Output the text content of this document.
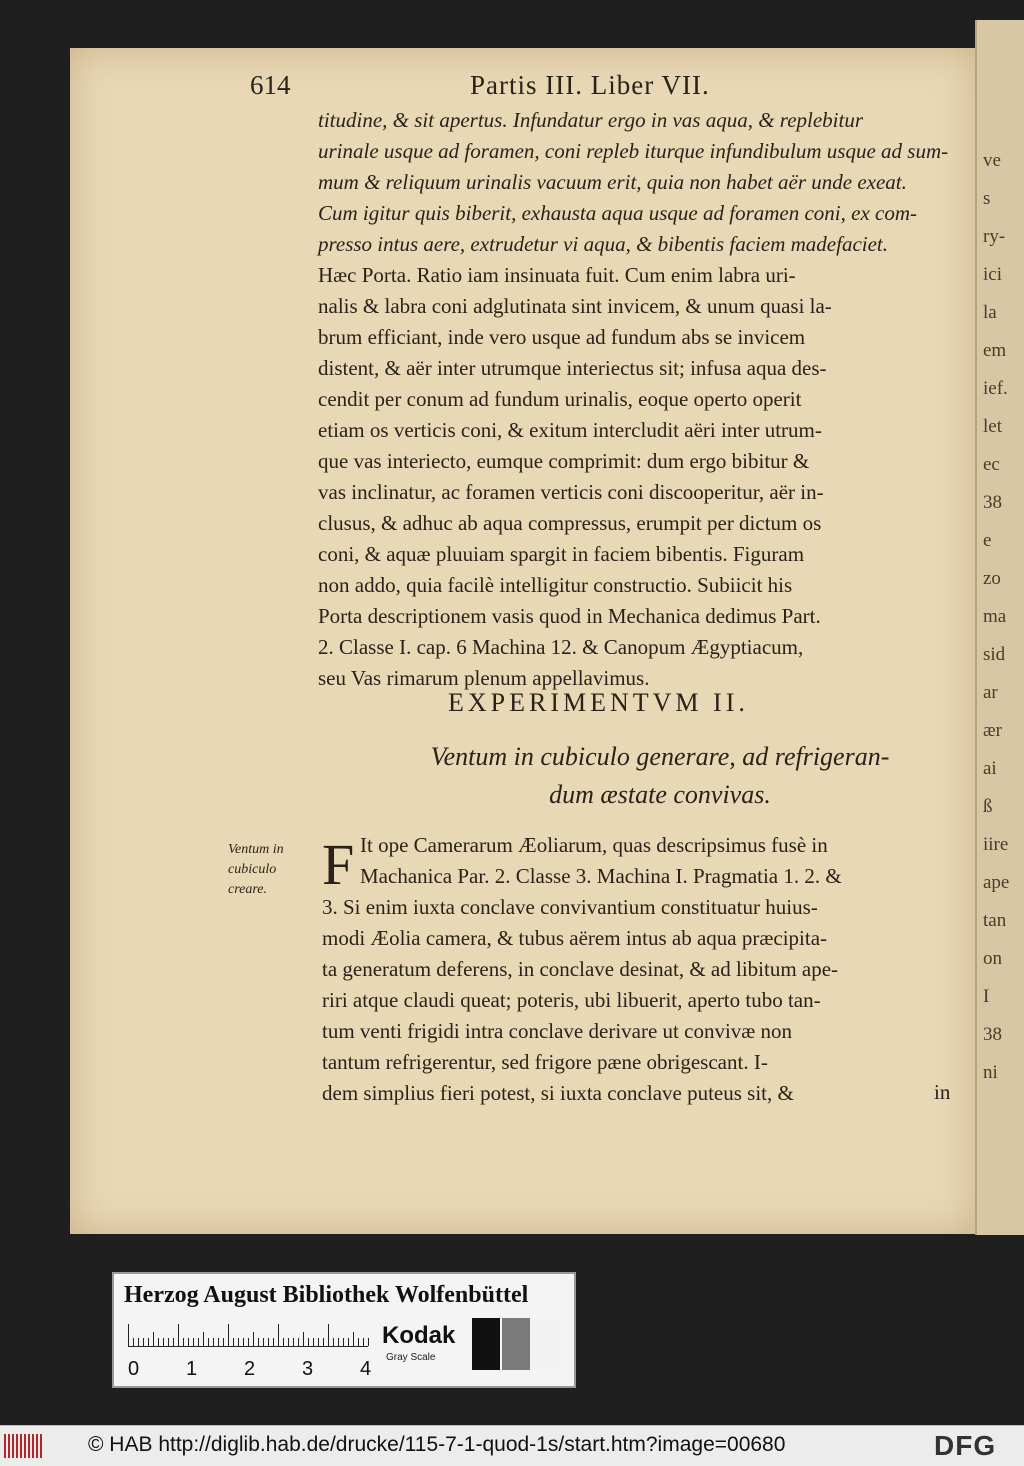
ve
s
ry-
ici
la
em
ief.
let
ec
38
e
zo
ma
sid
ar
ær
ai
ß
iire
ape
tan
on
I
38
ni
614	Partis III. Liber VII.
titudine, & sit apertus. Infundatur ergo in vas aqua, & replebitur
urinale usque ad foramen, coni repleb iturque infundibulum usque ad sum-
mum & reliquum urinalis vacuum erit, quia non habet aër unde exeat.
Cum igitur quis biberit, exhausta aqua usque ad foramen coni, ex com-
presso intus aere, extrudetur vi aqua, & bibentis faciem madefaciet.
Hæc Porta. Ratio iam insinuata fuit. Cum enim labra uri-
nalis & labra coni adglutinata sint invicem, & unum quasi la-
brum efficiant, inde vero usque ad fundum abs se invicem
distent, & aër inter utrumque interiectus sit; infusa aqua des-
cendit per conum ad fundum urinalis, eoque operto operit
etiam os verticis coni, & exitum intercludit aëri inter utrum-
que vas interiecto, eumque comprimit: dum ergo bibitur &
vas inclinatur, ac foramen verticis coni discooperitur, aër in-
clusus, & adhuc ab aqua compressus, erumpit per dictum os
coni, & aquæ pluuiam spargit in faciem bibentis. Figuram
non addo, quia facilè intelligitur constructio. Subiicit his
Porta descriptionem vasis quod in Mechanica dedimus Part.
2. Classe I. cap. 6 Machina 12. & Canopum Ægyptiacum,
seu Vas rimarum plenum appellavimus.
EXPERIMENTVM II.
Ventum in cubiculo generare, ad refrigeran-
dum æstate convivas.
Ventum in
cubiculo
creare. F It ope Camerarum Æoliarum, quas descripsimus fusè in
Machanica Par. 2. Classe 3. Machina I. Pragmatia 1. 2. &
3. Si enim iuxta conclave convivantium constituatur huius-
modi Æolia camera, & tubus aërem intus ab aqua præcipita-
ta generatum deferens, in conclave desinat, & ad libitum ape-
riri atque claudi queat; poteris, ubi libuerit, aperto tubo tan-
tum venti frigidi intra conclave derivare ut convivæ non
tantum refrigerentur, sed frigore pæne obrigescant. I-
dem simplius fieri potest, si iuxta conclave puteus sit, &	in
Herzog August Bibliothek Wolfenbüttel
0 1 2 3 4
Kodak
Gray Scale
© HAB http://diglib.hab.de/drucke/115-7-1-quod-1s/start.htm?image=00680	DFG
